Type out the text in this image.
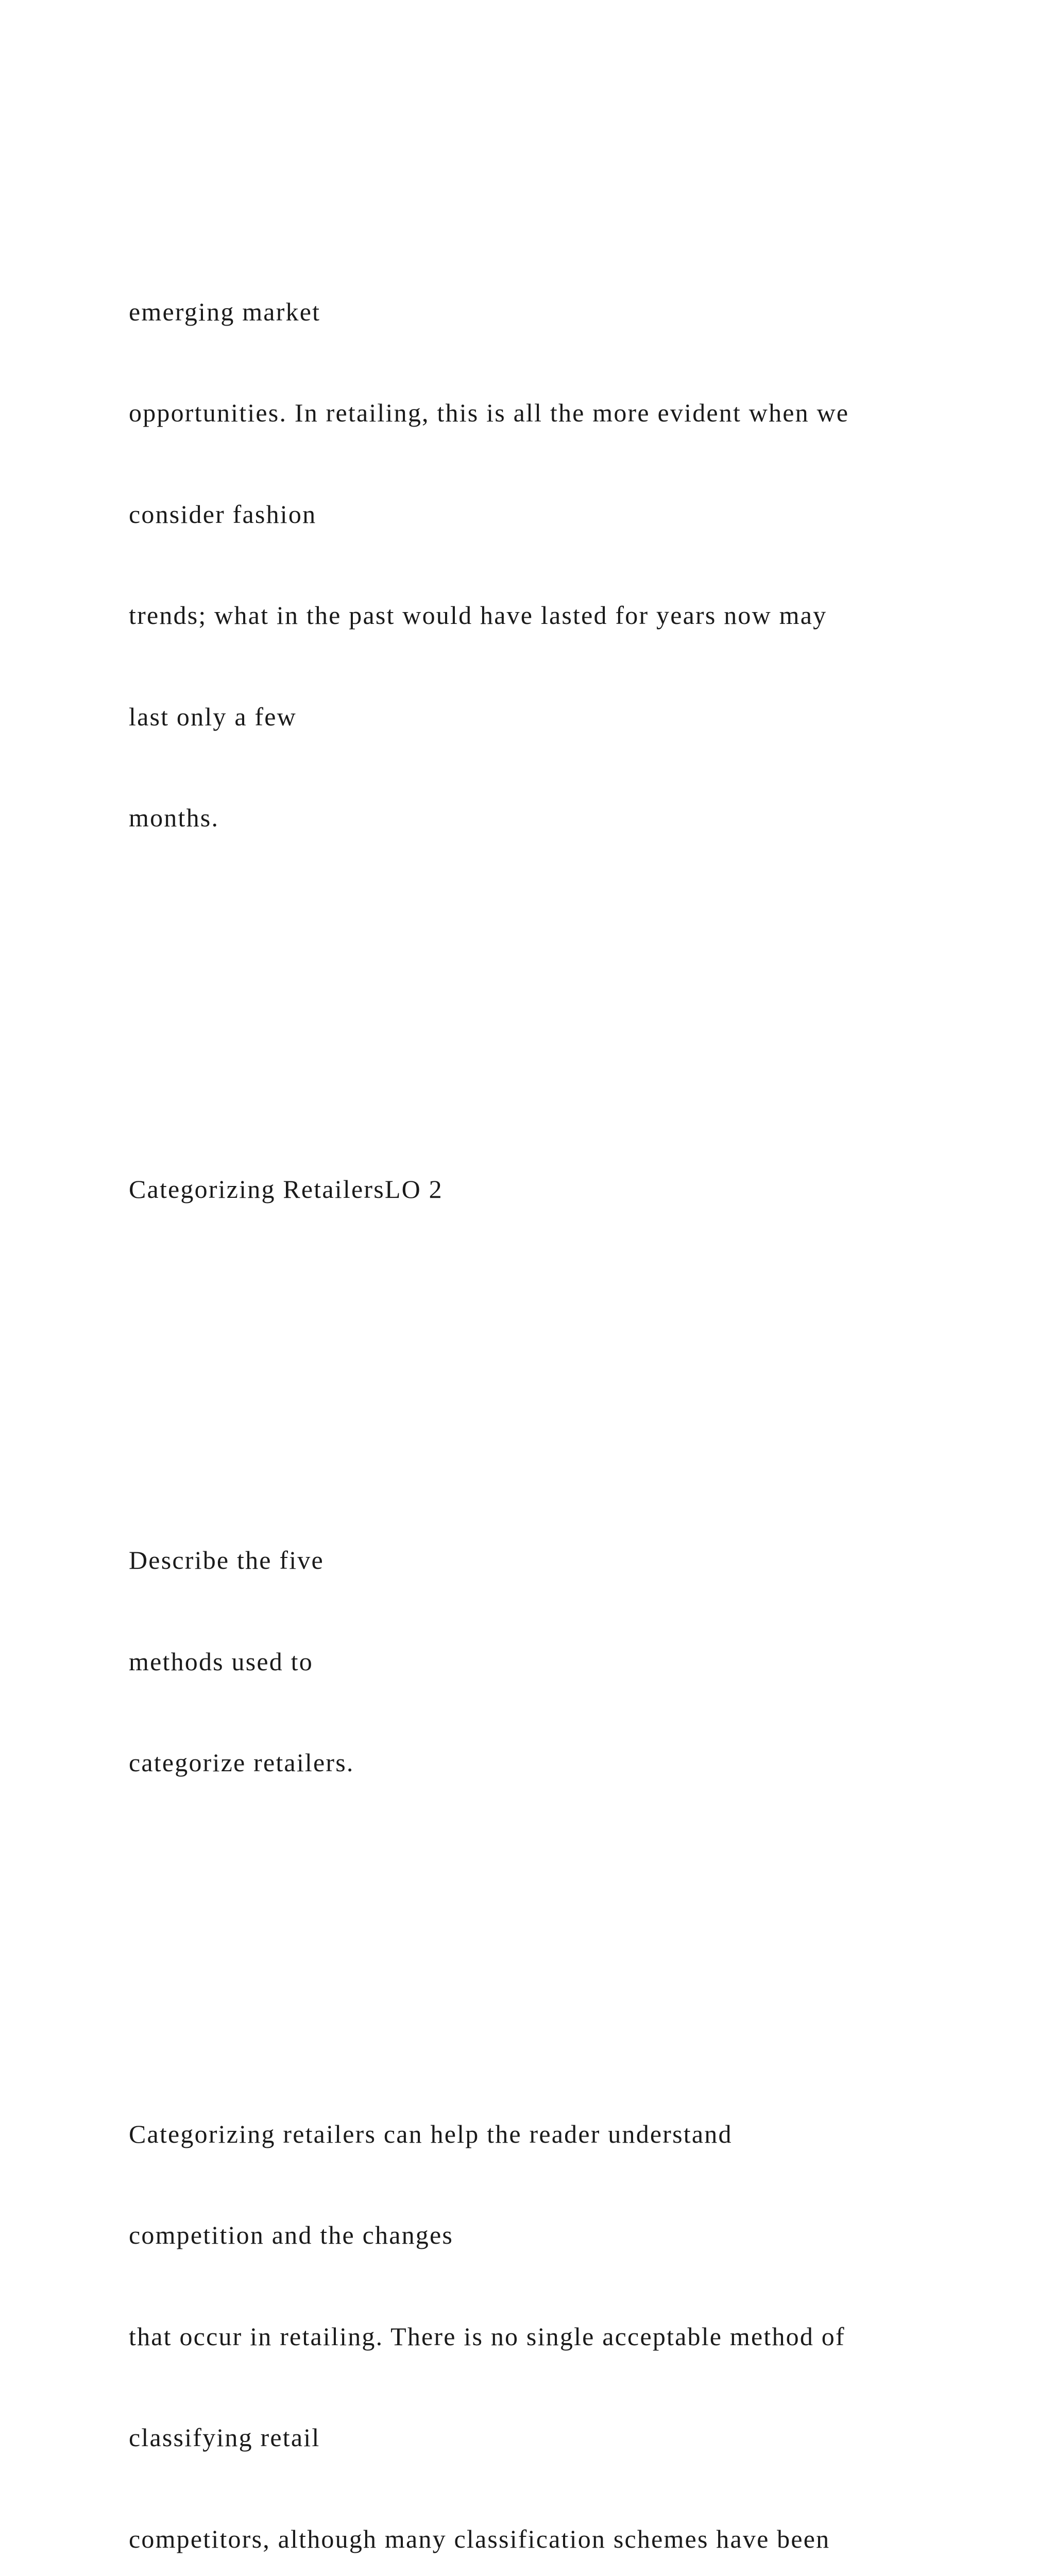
emerging market

opportunities. In retailing, this is all the more evident when we

consider fashion

trends; what in the past would have lasted for years now may

last only a few

months.

Categorizing RetailersLO 2

Describe the five

methods used to

categorize retailers.

Categorizing retailers can help the reader understand

competition and the changes

that occur in retailing. There is no single acceptable method of

classifying retail

competitors, although many classification schemes have been
